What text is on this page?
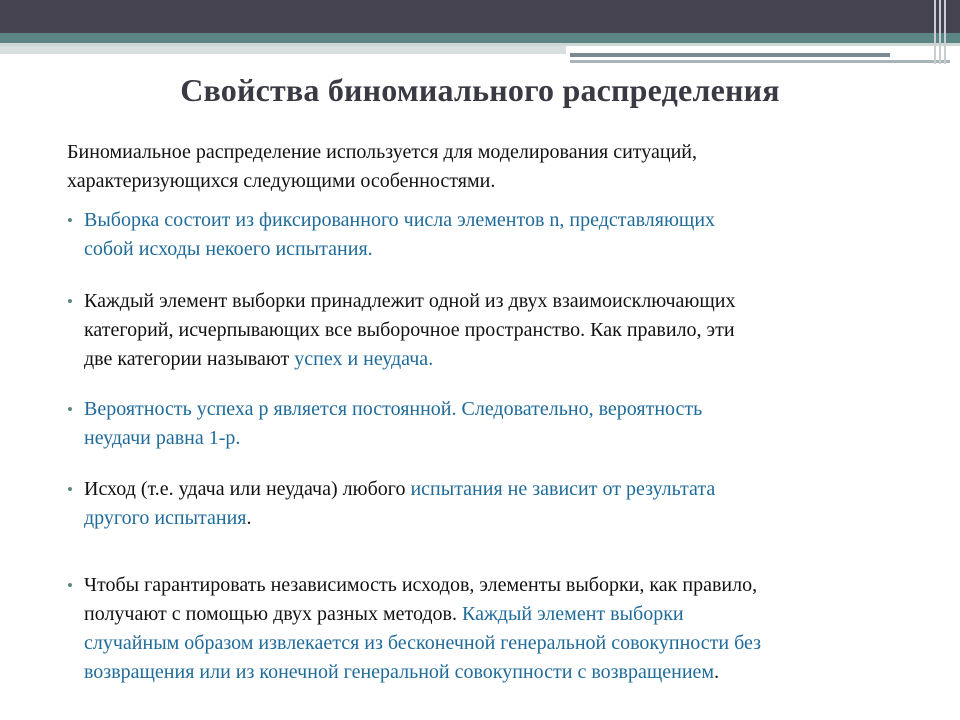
Свойства биномиального распределения
Биномиальное распределение используется для моделирования ситуаций,
характеризующихся следующими особенностями.
• Выборка состоит из фиксированного числа элементов n, представляющих
собой исходы некоего испытания.
• Каждый элемент выборки принадлежит одной из двух взаимоисключающих
категорий, исчерпывающих все выборочное пространство. Как правило, эти
две категории называют успех и неудача.
• Вероятность успеха р является постоянной. Следовательно, вероятность
неудачи равна 1-р.
• Исход (т.е. удача или неудача) любого испытания не зависит от результата
другого испытания.
• Чтобы гарантировать независимость исходов, элементы выборки, как правило,
получают с помощью двух разных методов. Каждый элемент выборки
случайным образом извлекается из бесконечной генеральной совокупности без
возвращения или из конечной генеральной совокупности с возвращением.
